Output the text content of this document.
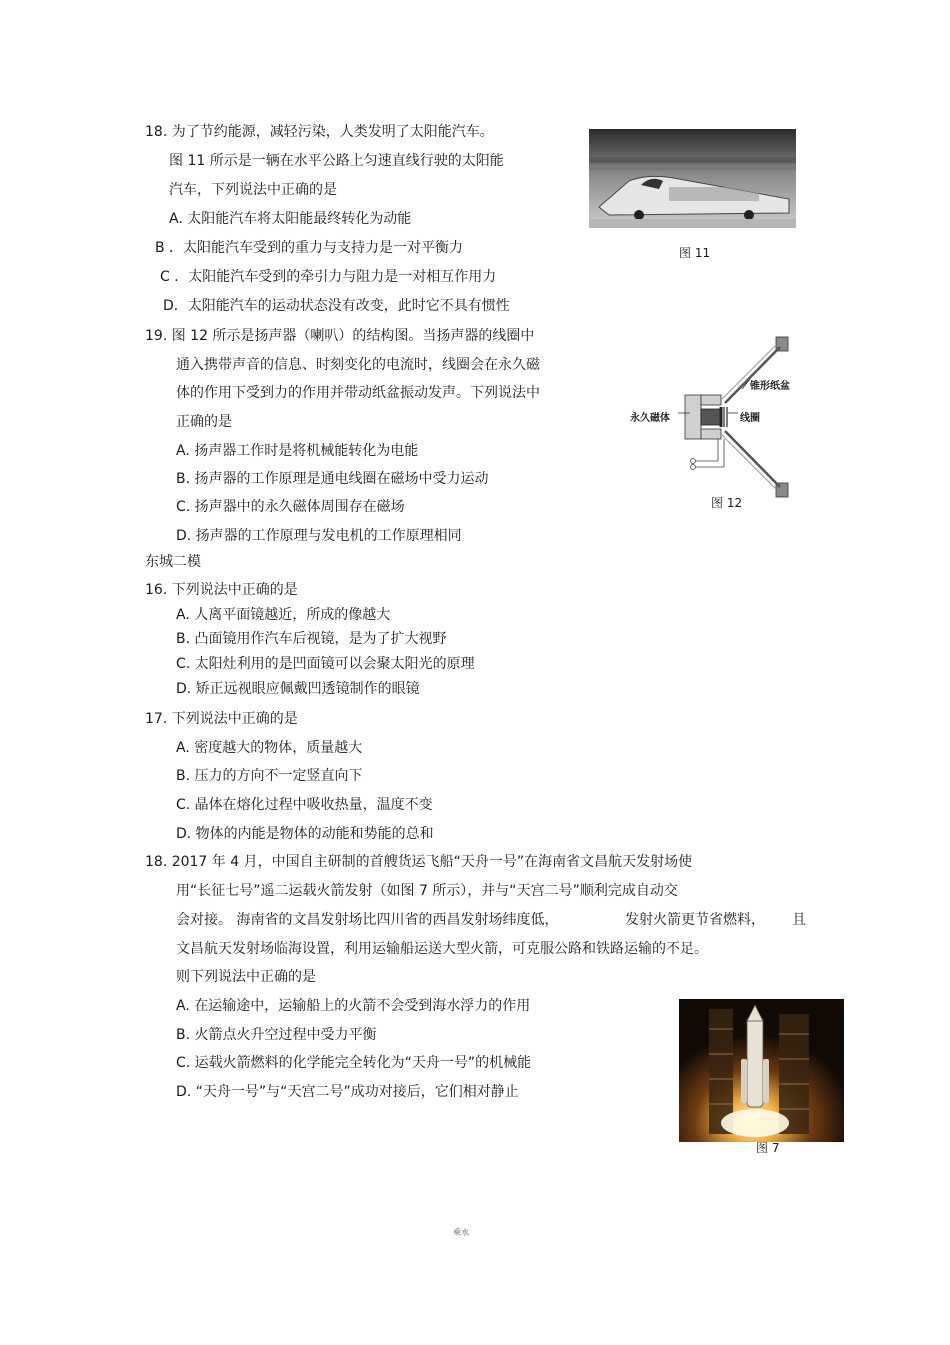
18. 为了节约能源，减轻污染，人类发明了太阳能汽车。
图 11 所示是一辆在水平公路上匀速直线行驶的太阳能
汽车，下列说法中正确的是
A. 太阳能汽车将太阳能最终转化为动能
B ．太阳能汽车受到的重力与支持力是一对平衡力
C ．太阳能汽车受到的牵引力与阻力是一对相互作用力
D．太阳能汽车的运动状态没有改变，此时它不具有惯性
图 11
19. 图 12 所示是扬声器（喇叭）的结构图。当扬声器的线圈中
通入携带声音的信息、时刻变化的电流时，线圈会在永久磁
体的作用下受到力的作用并带动纸盆振动发声。下列说法中
正确的是
A. 扬声器工作时是将机械能转化为电能
B. 扬声器的工作原理是通电线圈在磁场中受力运动
C. 扬声器中的永久磁体周围存在磁场
D. 扬声器的工作原理与发电机的工作原理相同
锥形纸盆
永久磁体	线圈
图 12
东城二模
16. 下列说法中正确的是
A. 人离平面镜越近，所成的像越大
B. 凸面镜用作汽车后视镜，是为了扩大视野
C. 太阳灶利用的是凹面镜可以会聚太阳光的原理
D. 矫正远视眼应佩戴凹透镜制作的眼镜
17. 下列说法中正确的是
A. 密度越大的物体，质量越大
B. 压力的方向不一定竖直向下
C. 晶体在熔化过程中吸收热量，温度不变
D. 物体的内能是物体的动能和势能的总和
18. 2017 年 4 月，中国自主研制的首艘货运飞船“天舟一号”在海南省文昌航天发射场使
用“长征七号”遥二运载火箭发射（如图 7 所示），并与“天宫二号”顺利完成自动交
会对接。 海南省的文昌发射场比四川省的西昌发射场纬度低，	发射火箭更节省燃料， 且
文昌航天发射场临海设置，利用运输船运送大型火箭，可克服公路和铁路运输的不足。
则下列说法中正确的是
A. 在运输途中，运输船上的火箭不会受到海水浮力的作用
B. 火箭点火升空过程中受力平衡
C. 运载火箭燃料的化学能完全转化为“天舟一号”的机械能
D. “天舟一号”与“天宫二号”成功对接后，它们相对静止
图 7
乘水
